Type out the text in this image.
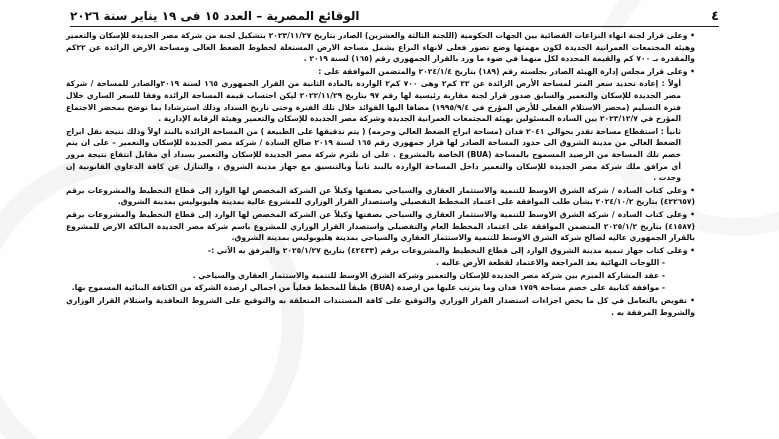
٤
الوقائع المصرية – العدد ١٥ فى ١٩ يناير سنة ٢٠٢٦

• وعلى قرار لجنة انهاء النزاعات القضائية بين الجهات الحكومية (اللجنة الثالثة والعشرين) الصادر بتاريخ ٢٠٢٣/١١/٢٧ بتشكيل لجنة من شركة مصر الجديدة للإسكان والتعمير وهيئة المجتمعات العمرانية الجديدة لكون مهمتها وضع تصور فعلى لانهاء النزاع يشمل مساحة الارض المستغلة لخطوط الضغط العالى ومساحة الارض الزائدة عن ٢٢كم والمقدرة بـ ٧٠٠ كم والقيمة المحددة لكل منهما في ضوء ما ورد بالقرار الجمهوري رقم (١٦٥) لسنة ٢٠١٩ .

• وعلى قرار مجلس إدارة الهيئة الصادر بجلسته رقم (١٨٩) بتاريخ ٢٠٢٤/١/٤ والمتضمن الموافقة على :

أولاً : إعادة تحديد سعر المتر لمساحة الأرض الزائدة عن ٢٢ كم٢ وهى ٧٠٠ كم٢ الواردة بالمادة الثانية من القرار الجمهوري ١٦٥ لسنة ٢٠١٩والصادر للمساحة / شركة مصر الجديدة للإسكان والتعمير والسابق صدور قرار لجنة مقاربة رئيسية لها رقم ٩٧ بتاريخ ٢٠٢٢/١١/٢٩ ليكن احتساب قيمة المساحة الزائدة وفقا للسعر الساري خلال فترة التسليم (محضر الاستلام الفعلي للأرض المؤرخ في ١٩٩٥/٩/٤) مضافا اليها الفوائد خلال تلك الفترة وحتى تاريخ السداد وذلك استرشادا بما توضح بمحضر الاجتماع المؤرخ في ٢٠٢٣/١٢/٧ بين السادة المسئولين بهيئة المجتمعات العمرانية الجديدة وشركة مصر الجديدة للإسكان والتعمير وهيئة الرقابة الإدارية .

ثانياً : استقطاع مساحة تقدر بحوالي ٢٠٤١ فدان (مساحة ابراج الضغط العالي وحرمه) ( يتم تدقيقها على الطبيعة ) من المساحة الزائدة بالبند اولاً وذلك نتيجة نقل ابراج الضغط العالي من مدينة الشروق الى حدود المساحة الصادر لها قرار جمهوري رقم ١٦٥ لسنة ٢٠١٩ صالح السادة / شركة مصر الجديدة للإسكان والتعمير – على ان يتم خصم تلك المساحة من الرصيد المسموح بالمساحة (BUA) الخاصة بالمشروع . على ان تلتزم شركة مصر الجديدة للإسكان والتعمير بسداد أي مقابل انتفاع نتيجة مرور أي مرافق ملك شركة مصر الجديدة للإسكان والتعمير داخل المساحة الواردة بالبند ثانياً وبالتنسيق مع جهاز مدينة الشروق ، والتنازل عن كافة الدعاوي القانونية إن وجدت .

• وعلى كتاب السادة / شركة الشرق الاوسط للتنمية والاستثمار العقاري والسياحي بصفتها وكيلاً عن الشركة المخصص لها الوارد إلى قطاع التخطيط والمشروعات برقم (٤٢٢٦٥٧) بتاريخ ٢٠٢٤/١٠/٢ بشأن طلب الموافقة على اعتماد المخطط التفصيلي واستصدار القرار الوزاري للمشروع عالية بمدينة هليوبوليس بمدينة الشروق.

• وعلى كتاب السادة / شركة الشرق الاوسط للتنمية والاستثمار العقاري والسياحي بصفتها وكيلاً عن الشركة المخصص لها الوارد إلى قطاع التخطيط والمشروعات برقم (٤١٥٨٧) بتاريخ ٢٠٢٥/١/٢ المتضمن الموافقة على اعتماد المخطط العام والتفصيلي واستصدار القرار الوزاري للمشروع باسم شركة مصر الجديدة المالكة الارض للمشروع بالقرار الجمهوري عاليه لصالح شركة الشرق الاوسط للتنمية والاستثمار العقاري والسياحي بمدينة هليوبوليس بمدينة الشروق.

• وعلى كتاب جهاز تنمية مدينة الشروق الوارد إلى قطاع التخطيط والمشروعات برقم (٤٢٤٣٣) بتاريخ ٢٠٢٥/١/٢٧ والمرفق به الآتي :-

- اللوحات النهائية بعد المراجعة والاعتماد لقطعة الأرض عاليه .

- عقد المشاركة المبرم بين شركة مصر الجديدة للإسكان والتعمير وشركة الشرق الاوسط للتنمية والاستثمار العقاري والسياحي .

- موافقة كتابية على خصم مساحة ١٧٥٩ فدان وما يترتب عليها من ارصدة (BUA) طبقاً للمخطط فعلياً من اجمالي ارصدة الشركة من الكثافة البنائية المسموح بها.

• تفويض بالتعامل في كل ما يخص اجراءات استصدار القرار الوزاري والتوقيع على كافة المستندات المتعلقة به والتوقيع على الشروط التعاقدية واستلام القرار الوزاري والشروط المرفقة به .
